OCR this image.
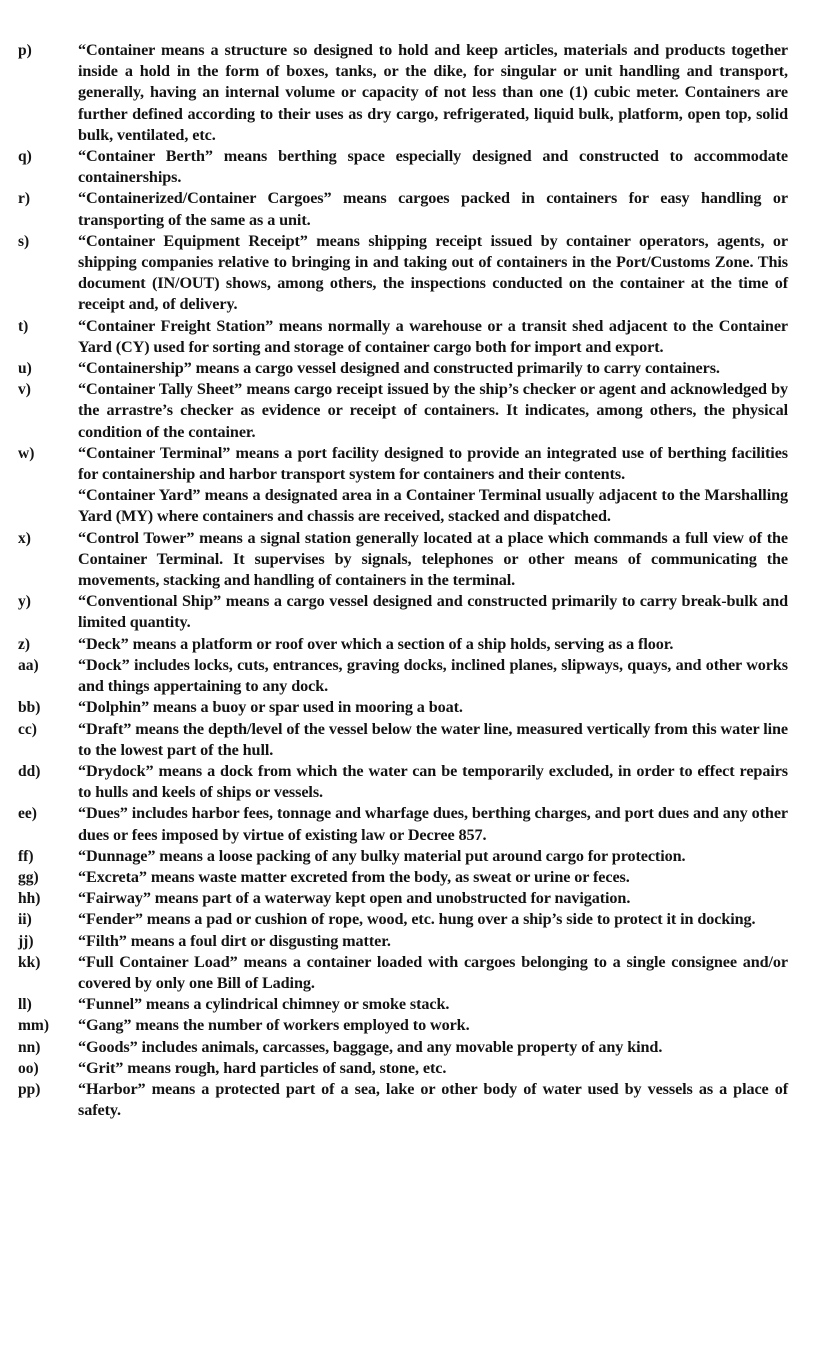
p)	“Container means a structure so designed to hold and keep articles, materials and products together inside a hold in the form of boxes, tanks, or the dike, for singular or unit handling and transport, generally, having an internal volume or capacity of not less than one (1) cubic meter. Containers are further defined according to their uses as dry cargo, refrigerated, liquid bulk, platform, open top, solid bulk, ventilated, etc.
q)	“Container Berth” means berthing space especially designed and constructed to accommodate containerships.
r)	“Containerized/Container Cargoes” means cargoes packed in containers for easy handling or transporting of the same as a unit.
s)	“Container Equipment Receipt” means shipping receipt issued by container operators, agents, or shipping companies relative to bringing in and taking out of containers in the Port/Customs Zone. This document (IN/OUT) shows, among others, the inspections conducted on the container at the time of receipt and, of delivery.
t)	“Container Freight Station” means normally a warehouse or a transit shed adjacent to the Container Yard (CY) used for sorting and storage of container cargo both for import and export.
u)	“Containership” means a cargo vessel designed and constructed primarily to carry containers.
v)	“Container Tally Sheet” means cargo receipt issued by the ship’s checker or agent and acknowledged by the arrastre’s checker as evidence or receipt of containers. It indicates, among others, the physical condition of the container.
w)	“Container Terminal” means a port facility designed to provide an integrated use of berthing facilities for containership and harbor transport system for containers and their contents.
“Container Yard” means a designated area in a Container Terminal usually adjacent to the Marshalling Yard (MY) where containers and chassis are received, stacked and dispatched.
x)	“Control Tower” means a signal station generally located at a place which commands a full view of the Container Terminal. It supervises by signals, telephones or other means of communicating the movements, stacking and handling of containers in the terminal.
y)	“Conventional Ship” means a cargo vessel designed and constructed primarily to carry break-bulk and limited quantity.
z)	“Deck” means a platform or roof over which a section of a ship holds, serving as a floor.
aa)	“Dock” includes locks, cuts, entrances, graving docks, inclined planes, slipways, quays, and other works and things appertaining to any dock.
bb)	“Dolphin” means a buoy or spar used in mooring a boat.
cc)	“Draft” means the depth/level of the vessel below the water line, measured vertically from this water line to the lowest part of the hull.
dd)	“Drydock” means a dock from which the water can be temporarily excluded, in order to effect repairs to hulls and keels of ships or vessels.
ee)	“Dues” includes harbor fees, tonnage and wharfage dues, berthing charges, and port dues and any other dues or fees imposed by virtue of existing law or Decree 857.
ff)	“Dunnage” means a loose packing of any bulky material put around cargo for protection.
gg)	“Excreta” means waste matter excreted from the body, as sweat or urine or feces.
hh)	“Fairway” means part of a waterway kept open and unobstructed for navigation.
ii)	“Fender” means a pad or cushion of rope, wood, etc. hung over a ship’s side to protect it in docking.
jj)	“Filth” means a foul dirt or disgusting matter.
kk)	“Full Container Load” means a container loaded with cargoes belonging to a single consignee and/or covered by only one Bill of Lading.
ll)	“Funnel” means a cylindrical chimney or smoke stack.
mm)	“Gang” means the number of workers employed to work.
nn)	“Goods” includes animals, carcasses, baggage, and any movable property of any kind.
oo)	“Grit” means rough, hard particles of sand, stone, etc.
pp)	“Harbor” means a protected part of a sea, lake or other body of water used by vessels as a place of safety.
